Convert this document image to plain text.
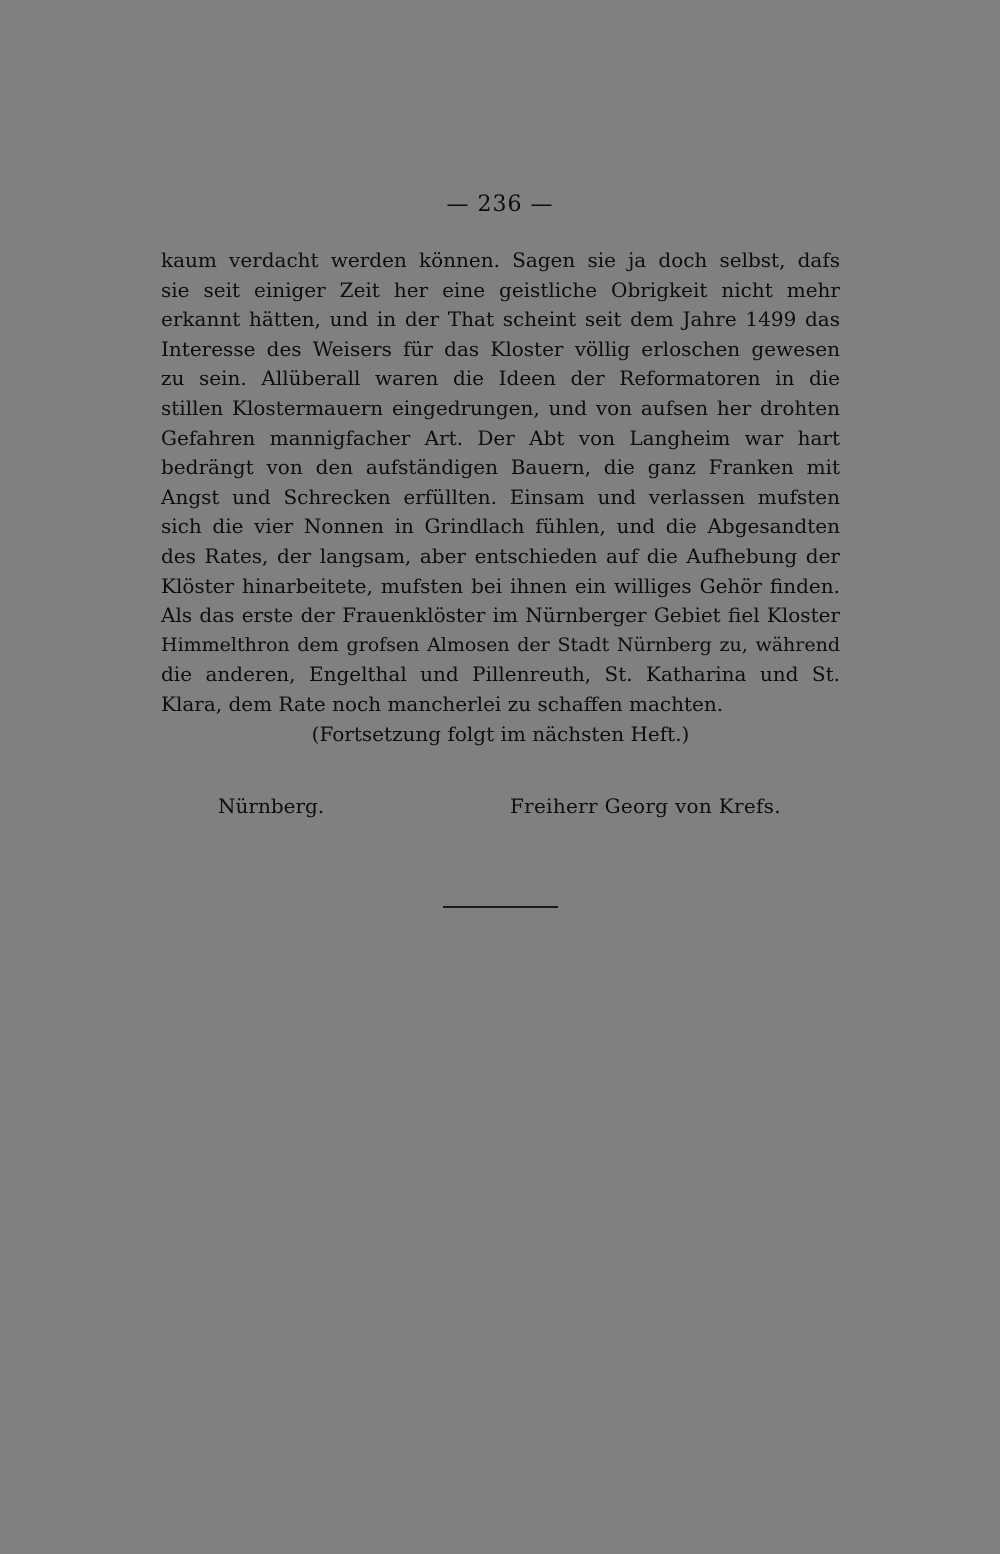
— 236 —
kaum verdacht werden können. Sagen sie ja doch selbst, dafs
sie seit einiger Zeit her eine geistliche Obrigkeit nicht mehr
erkannt hätten, und in der That scheint seit dem Jahre 1499 das
Interesse des Weisers für das Kloster völlig erloschen gewesen
zu sein. Allüberall waren die Ideen der Reformatoren in die
stillen Klostermauern eingedrungen, und von aufsen her drohten
Gefahren mannigfacher Art. Der Abt von Langheim war hart
bedrängt von den aufständigen Bauern, die ganz Franken mit
Angst und Schrecken erfüllten. Einsam und verlassen mufsten
sich die vier Nonnen in Grindlach fühlen, und die Abgesandten
des Rates, der langsam, aber entschieden auf die Aufhebung der
Klöster hinarbeitete, mufsten bei ihnen ein williges Gehör finden.
Als das erste der Frauenklöster im Nürnberger Gebiet fiel Kloster
Himmelthron dem grofsen Almosen der Stadt Nürnberg zu, während
die anderen, Engelthal und Pillenreuth, St. Katharina und St.
Klara, dem Rate noch mancherlei zu schaffen machten.
(Fortsetzung folgt im nächsten Heft.)
Nürnberg.	Freiherr Georg von Krefs.
